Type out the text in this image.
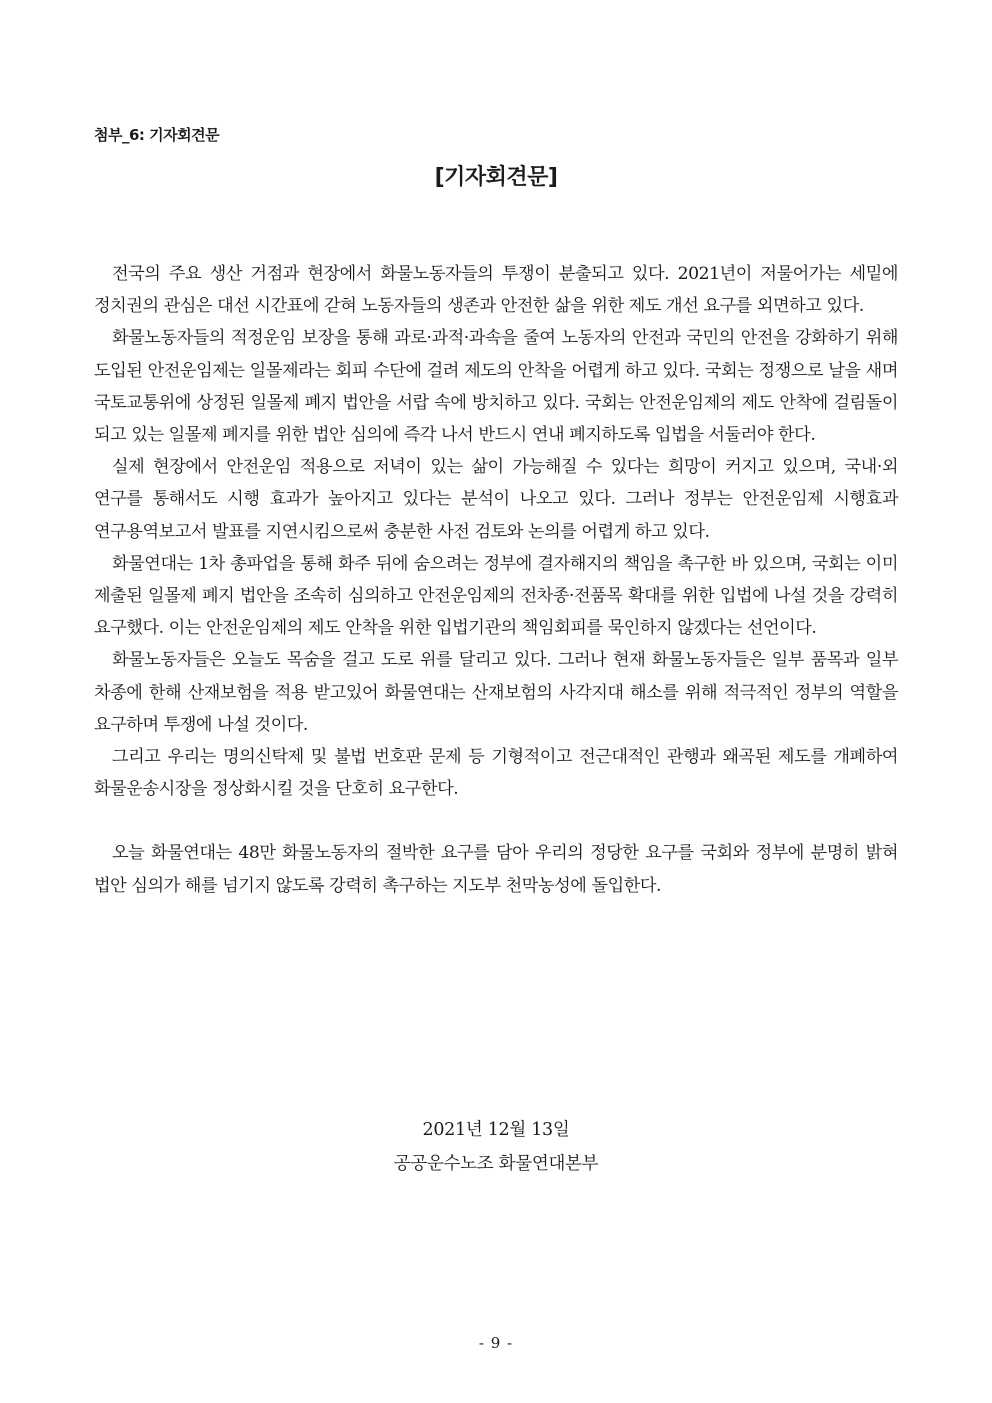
첨부_6: 기자회견문

[기자회견문]

전국의 주요 생산 거점과 현장에서 화물노동자들의 투쟁이 분출되고 있다. 2021년이 저물어가는 세밑에 정치권의 관심은 대선 시간표에 갇혀 노동자들의 생존과 안전한 삶을 위한 제도 개선 요구를 외면하고 있다.

화물노동자들의 적정운임 보장을 통해 과로·과적·과속을 줄여 노동자의 안전과 국민의 안전을 강화하기 위해 도입된 안전운임제는 일몰제라는 회피 수단에 걸려 제도의 안착을 어렵게 하고 있다. 국회는 정쟁으로 날을 새며 국토교통위에 상정된 일몰제 폐지 법안을 서랍 속에 방치하고 있다. 국회는 안전운임제의 제도 안착에 걸림돌이 되고 있는 일몰제 폐지를 위한 법안 심의에 즉각 나서 반드시 연내 폐지하도록 입법을 서둘러야 한다.

실제 현장에서 안전운임 적용으로 저녁이 있는 삶이 가능해질 수 있다는 희망이 커지고 있으며, 국내·외 연구를 통해서도 시행 효과가 높아지고 있다는 분석이 나오고 있다. 그러나 정부는 안전운임제 시행효과 연구용역보고서 발표를 지연시킴으로써 충분한 사전 검토와 논의를 어렵게 하고 있다.

화물연대는 1차 총파업을 통해 화주 뒤에 숨으려는 정부에 결자해지의 책임을 촉구한 바 있으며, 국회는 이미 제출된 일몰제 폐지 법안을 조속히 심의하고 안전운임제의 전차종·전품목 확대를 위한 입법에 나설 것을 강력히 요구했다. 이는 안전운임제의 제도 안착을 위한 입법기관의 책임회피를 묵인하지 않겠다는 선언이다.

화물노동자들은 오늘도 목숨을 걸고 도로 위를 달리고 있다. 그러나 현재 화물노동자들은 일부 품목과 일부 차종에 한해 산재보험을 적용 받고있어 화물연대는 산재보험의 사각지대 해소를 위해 적극적인 정부의 역할을 요구하며 투쟁에 나설 것이다.

그리고 우리는 명의신탁제 및 불법 번호판 문제 등 기형적이고 전근대적인 관행과 왜곡된 제도를 개폐하여 화물운송시장을 정상화시킬 것을 단호히 요구한다.

오늘 화물연대는 48만 화물노동자의 절박한 요구를 담아 우리의 정당한 요구를 국회와 정부에 분명히 밝혀 법안 심의가 해를 넘기지 않도록 강력히 촉구하는 지도부 천막농성에 돌입한다.

2021년 12월 13일
공공운수노조 화물연대본부
- 9 -
